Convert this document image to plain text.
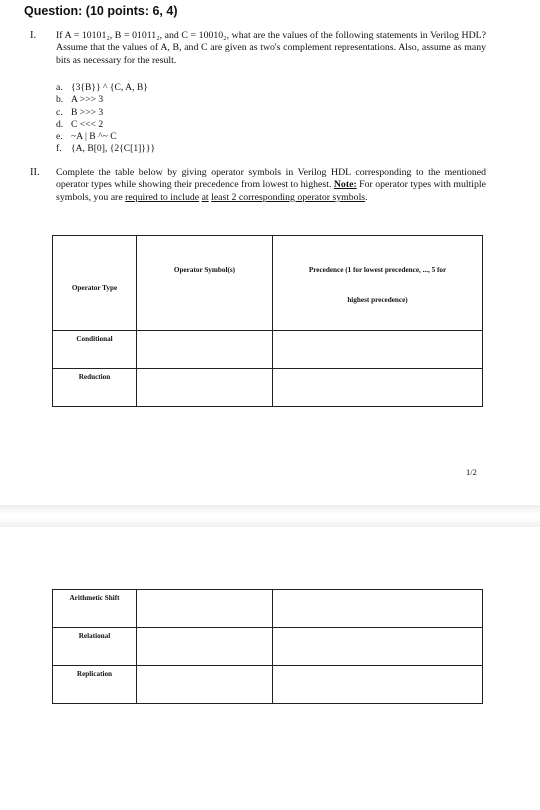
Question: (10 points: 6, 4)
I. If A = 10101₂, B = 01011₂, and C = 10010₂, what are the values of the following statements in Verilog HDL? Assume that the values of A, B, and C are given as two's complement representations. Also, assume as many bits as necessary for the result.
a. {3{B}} ^ {C, A, B}
b. A >>> 3
c. B >>> 3
d. C <<< 2
e. ~A | B ^~ C
f. {A, B[0], {2{C[1]}}}
II. Complete the table below by giving operator symbols in Verilog HDL corresponding to the mentioned operator types while showing their precedence from lowest to highest. Note: For operator types with multiple symbols, you are required to include at least 2 corresponding operator symbols.
Operator Type	Operator Symbol(s)	Precedence (1 for lowest precedence, ..., 5 for
highest precedence)

Conditional		

Reduction		

1/2
Arithmetic Shift		

Relational		

Replication		
